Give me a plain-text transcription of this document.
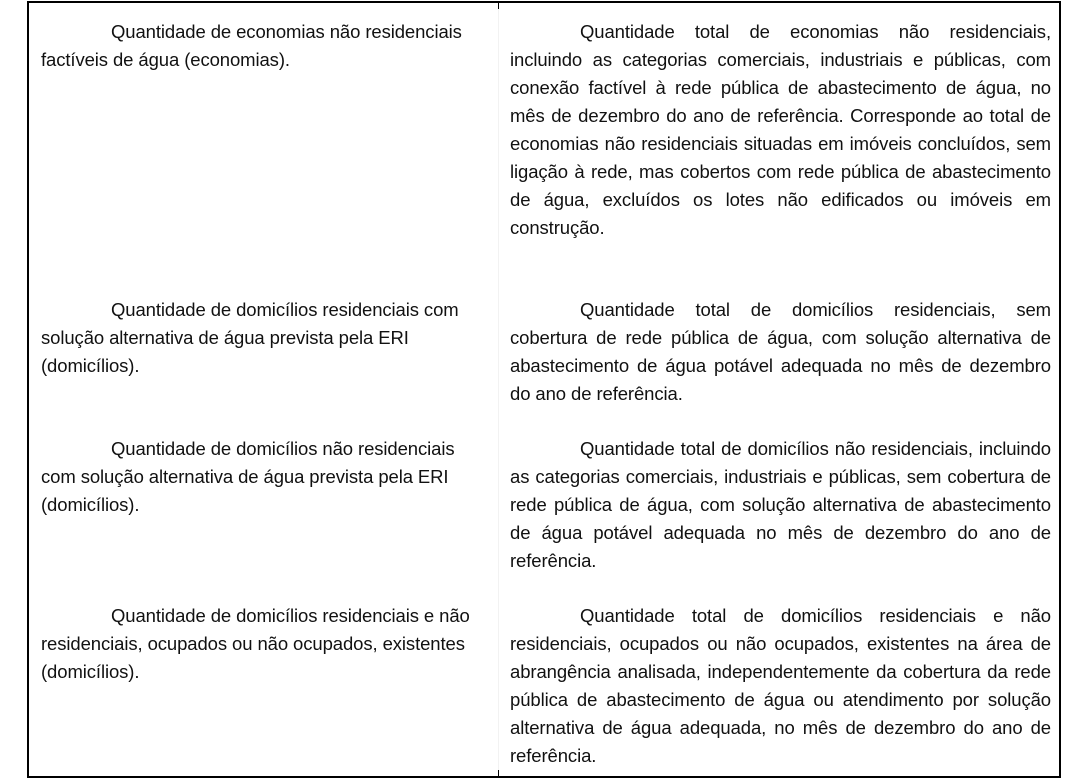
Quantidade de economias não residenciais factíveis de água (economias).
Quantidade total de economias não residenciais, incluindo as categorias comerciais, industriais e públicas, com conexão factível à rede pública de abastecimento de água, no mês de dezembro do ano de referência. Corresponde ao total de economias não residenciais situadas em imóveis concluídos, sem ligação à rede, mas cobertos com rede pública de abastecimento de água, excluídos os lotes não edificados ou imóveis em construção.
Quantidade de domicílios residenciais com solução alternativa de água prevista pela ERI (domicílios).
Quantidade total de domicílios residenciais, sem cobertura de rede pública de água, com solução alternativa de abastecimento de água potável adequada no mês de dezembro do ano de referência.
Quantidade de domicílios não residenciais com solução alternativa de água prevista pela ERI (domicílios).
Quantidade total de domicílios não residenciais, incluindo as categorias comerciais, industriais e públicas, sem cobertura de rede pública de água, com solução alternativa de abastecimento de água potável adequada no mês de dezembro do ano de referência.
Quantidade de domicílios residenciais e não residenciais, ocupados ou não ocupados, existentes (domicílios).
Quantidade total de domicílios residenciais e não residenciais, ocupados ou não ocupados, existentes na área de abrangência analisada, independentemente da cobertura da rede pública de abastecimento de água ou atendimento por solução alternativa de água adequada, no mês de dezembro do ano de referência.
